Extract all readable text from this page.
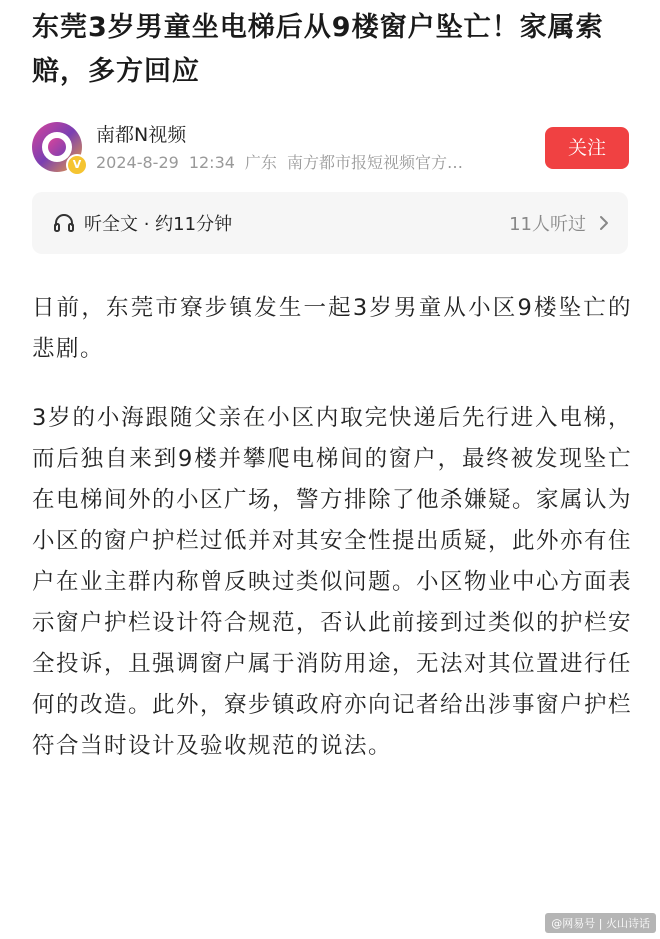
东莞3岁男童坐电梯后从9楼窗户坠亡！家属索赔，多方回应
V
南都N视频
2024-8-29 12:34 广东 南方都市报短视频官方…
关注
听全文 · 约11分钟	11人听过

日前，东莞市寮步镇发生一起3岁男童从小区9楼坠亡的悲剧。

3岁的小海跟随父亲在小区内取完快递后先行进入电梯，而后独自来到9楼并攀爬电梯间的窗户，最终被发现坠亡在电梯间外的小区广场，警方排除了他杀嫌疑。家属认为小区的窗户护栏过低并对其安全性提出质疑，此外亦有住户在业主群内称曾反映过类似问题。小区物业中心方面表示窗户护栏设计符合规范，否认此前接到过类似的护栏安全投诉，且强调窗户属于消防用途，无法对其位置进行任何的改造。此外，寮步镇政府亦向记者给出涉事窗户护栏符合当时设计及验收规范的说法。

@网易号 | 火山诗话
